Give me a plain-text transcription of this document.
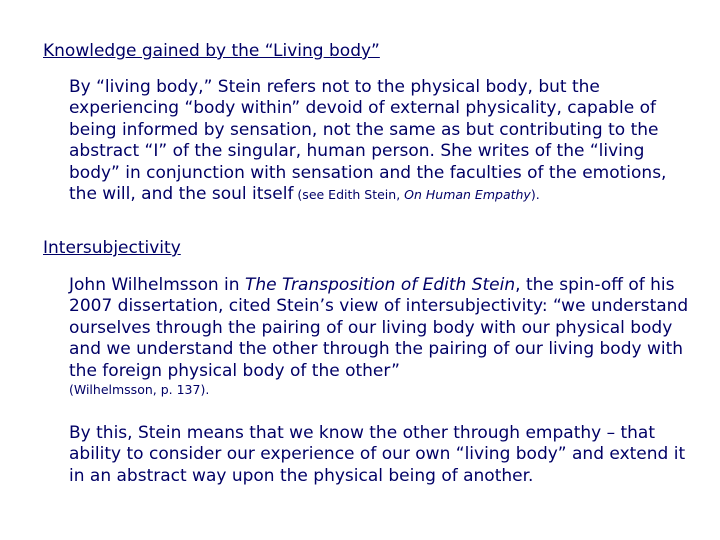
Knowledge gained by the “Living body”
By “living body,” Stein refers not to the physical body, but the experiencing “body within” devoid of external physicality, capable of being informed by sensation, not the same as but contributing to the abstract “I” of the singular, human person. She writes of the “living body” in conjunction with sensation and the faculties of the emotions, the will, and the soul itself (see Edith Stein, On Human Empathy).
Intersubjectivity
John Wilhelmsson in The Transposition of Edith Stein, the spin-off of his 2007 dissertation, cited Stein’s view of intersubjectivity: “we understand ourselves through the pairing of our living body with our physical body and we understand the other through the pairing of our living body with the foreign physical body of the other”
(Wilhelmsson, p. 137).
By this, Stein means that we know the other through empathy – that ability to consider our experience of our own “living body” and extend it in an abstract way upon the physical being of another.
